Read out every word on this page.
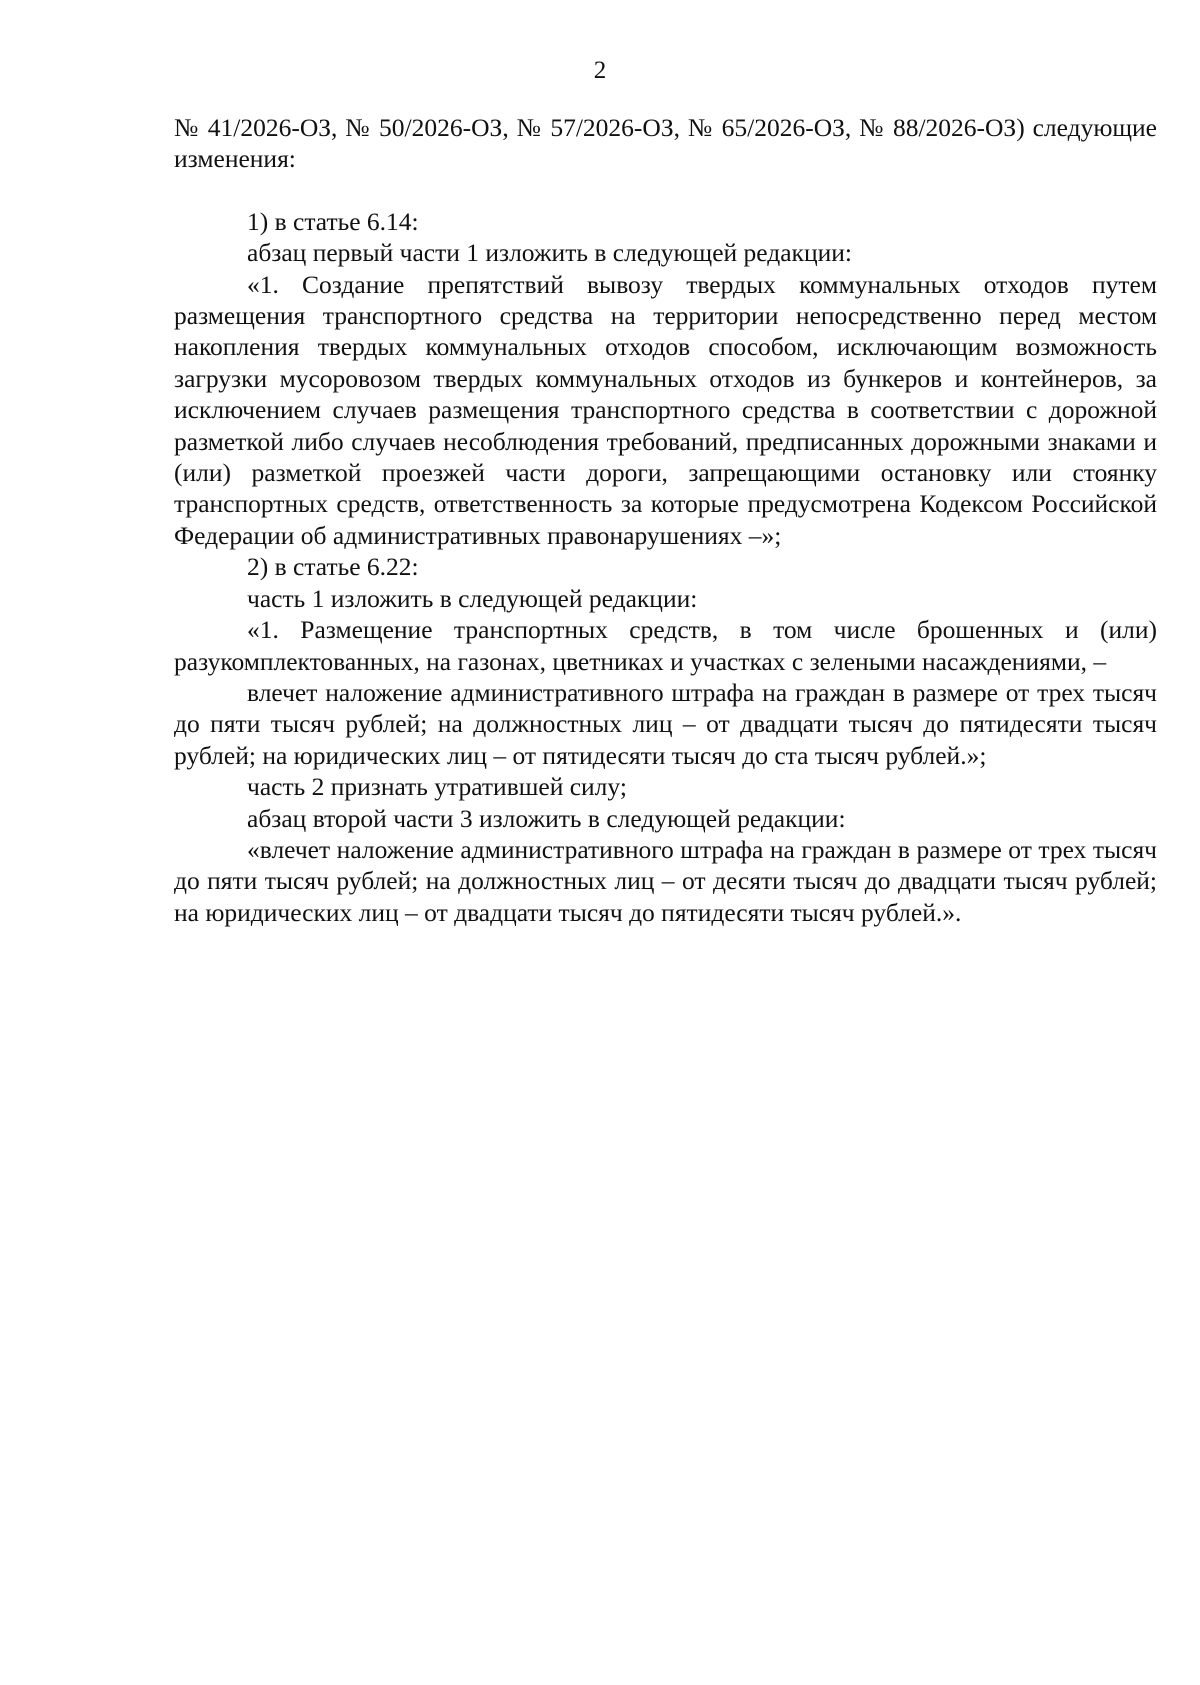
2

№ 41/2026-ОЗ, № 50/2026-ОЗ, № 57/2026-ОЗ, № 65/2026-ОЗ, № 88/2026-ОЗ) следующие изменения:

1) в статье 6.14:

абзац первый части 1 изложить в следующей редакции:

«1. Создание препятствий вывозу твердых коммунальных отходов путем размещения транспортного средства на территории непосредственно перед местом накопления твердых коммунальных отходов способом, исключающим возможность загрузки мусоровозом твердых коммунальных отходов из бункеров и контейнеров, за исключением случаев размещения транспортного средства в соответствии с дорожной разметкой либо случаев несоблюдения требований, предписанных дорожными знаками и (или) разметкой проезжей части дороги, запрещающими остановку или стоянку транспортных средств, ответственность за которые предусмотрена Кодексом Российской Федерации об административных правонарушениях –»;

2) в статье 6.22:

часть 1 изложить в следующей редакции:

«1. Размещение транспортных средств, в том числе брошенных и (или) разукомплектованных, на газонах, цветниках и участках с зелеными насаждениями, –

влечет наложение административного штрафа на граждан в размере от трех тысяч до пяти тысяч рублей; на должностных лиц – от двадцати тысяч до пятидесяти тысяч рублей; на юридических лиц – от пятидесяти тысяч до ста тысяч рублей.»;

часть 2 признать утратившей силу;

абзац второй части 3 изложить в следующей редакции:

«влечет наложение административного штрафа на граждан в размере от трех тысяч до пяти тысяч рублей; на должностных лиц – от десяти тысяч до двадцати тысяч рублей; на юридических лиц – от двадцати тысяч до пятидесяти тысяч рублей.».
